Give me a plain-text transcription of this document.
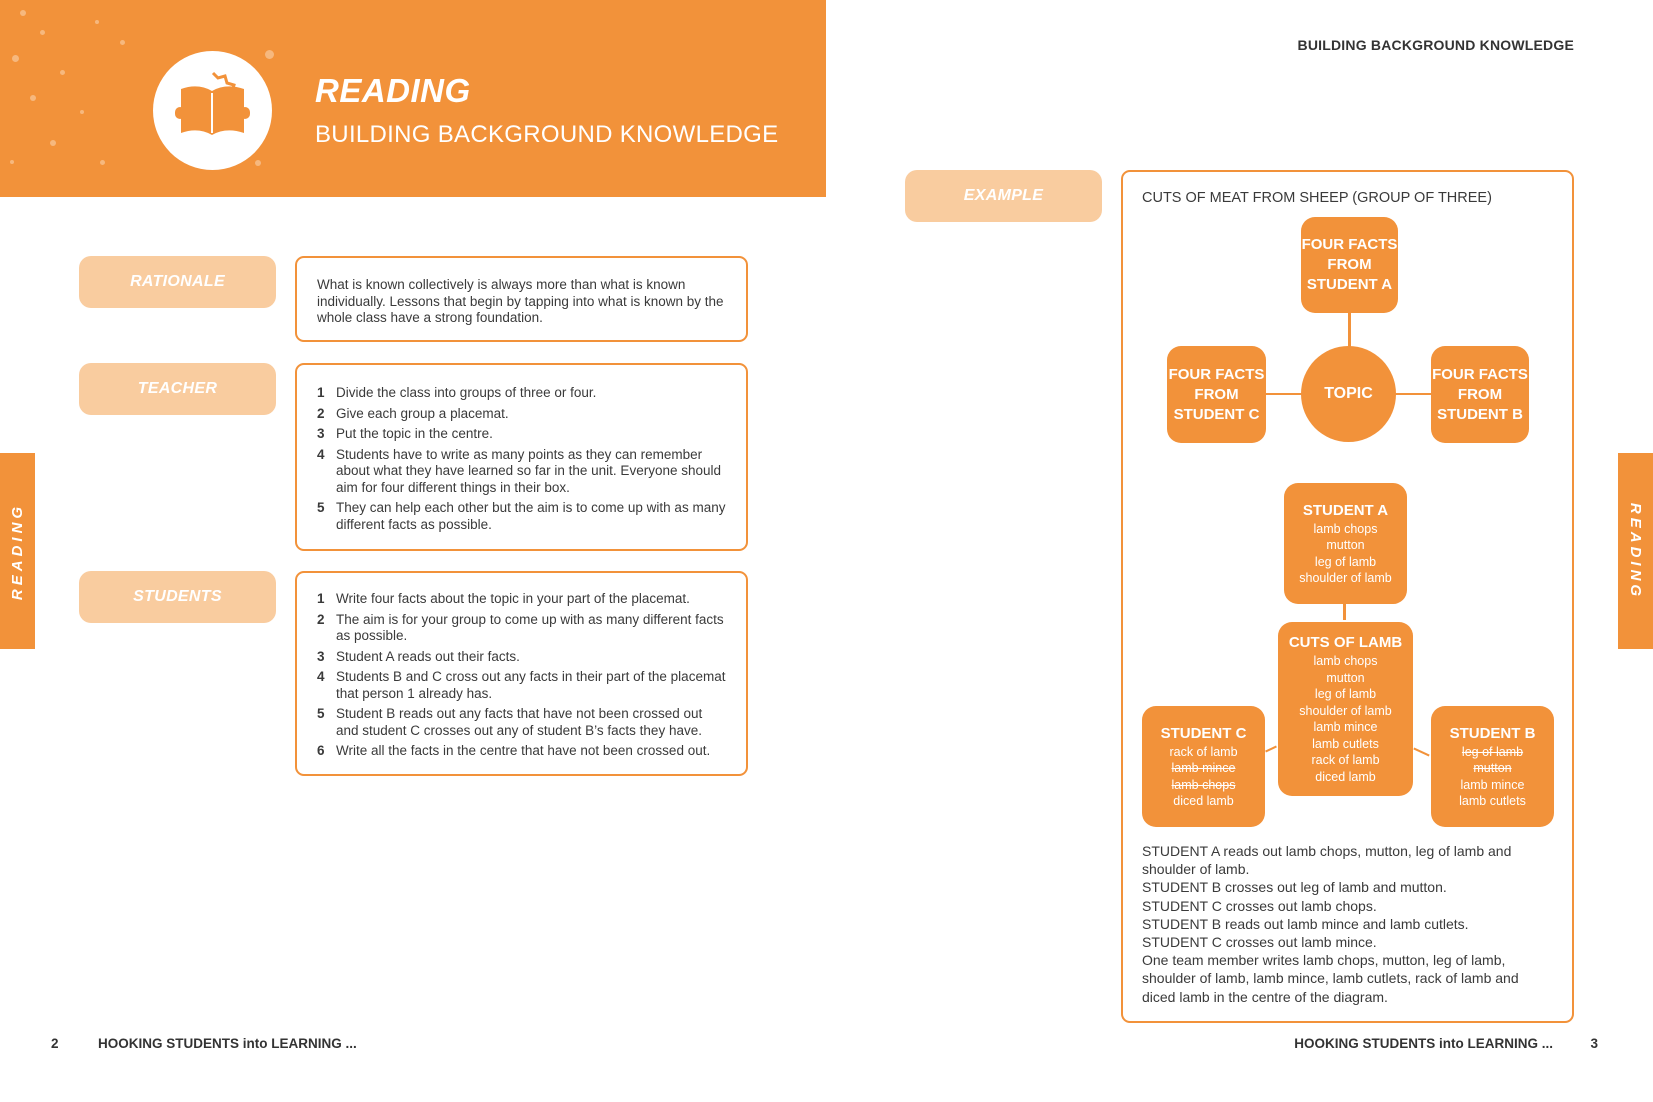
READING
BUILDING BACKGROUND KNOWLEDGE
BUILDING BACKGROUND KNOWLEDGE
READING	READING
RATIONALE	What is known collectively is always more than what is known individually. Lessons that begin by tapping into what is known by the whole class have a strong foundation.

TEACHER	1 Divide the class into groups of three or four.
2 Give each group a placemat.
3 Put the topic in the centre.
4 Students have to write as many points as they can remember about what they have learned so far in the unit. Everyone should aim for four different things in their box.
5 They can help each other but the aim is to come up with as many different facts as possible.
STUDENTS	1 Write four facts about the topic in your part of the placemat.
2 The aim is for your group to come up with as many different facts as possible.
3 Student A reads out their facts.
4 Students B and C cross out any facts in their part of the placemat that person 1 already has.
5 Student B reads out any facts that have not been crossed out and student C crosses out any of student B’s facts they have.
6 Write all the facts in the centre that have not been crossed out.
EXAMPLE	CUTS OF MEAT FROM SHEEP (GROUP OF THREE)
FOUR FACTS FROM STUDENT A
FOUR FACTS FROM STUDENT C
FOUR FACTS FROM STUDENT B
TOPIC
STUDENT A
lamb chops
mutton
leg of lamb
shoulder of lamb
CUTS OF LAMB
lamb chops
mutton
leg of lamb
shoulder of lamb
lamb mince
lamb cutlets
rack of lamb
diced lamb
STUDENT C
rack of lamb
lamb mince
lamb chops
diced lamb
STUDENT B
leg of lamb
mutton
lamb mince
lamb cutlets
STUDENT A reads out lamb chops, mutton, leg of lamb and shoulder of lamb.
STUDENT B crosses out leg of lamb and mutton.
STUDENT C crosses out lamb chops.
STUDENT B reads out lamb mince and lamb cutlets.
STUDENT C crosses out lamb mince.
One team member writes lamb chops, mutton, leg of lamb, shoulder of lamb, lamb mince, lamb cutlets, rack of lamb and diced lamb in the centre of the diagram.
2	HOOKING STUDENTS into LEARNING ...	HOOKING STUDENTS into LEARNING ...	3
